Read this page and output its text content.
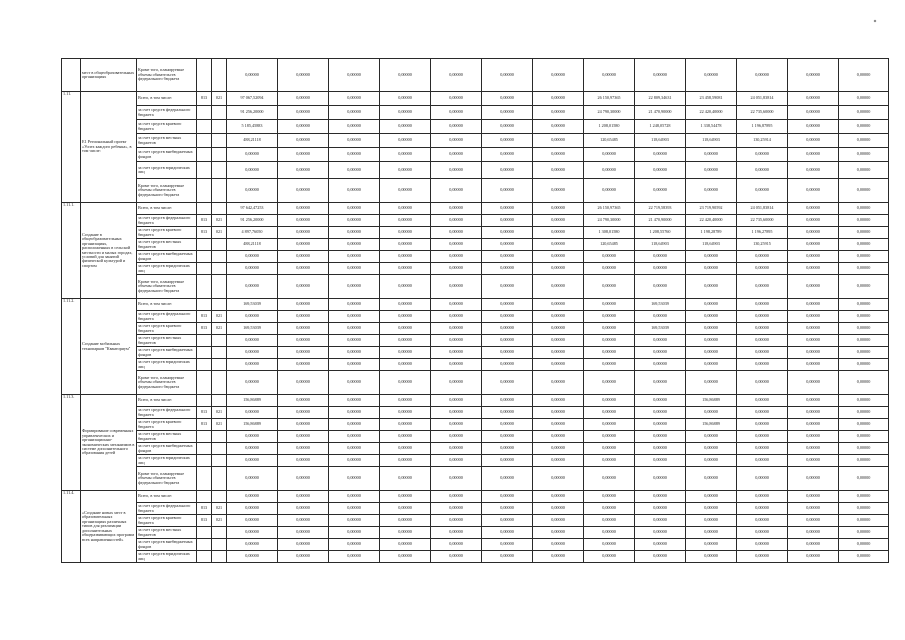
	мест в общеобразовательных организациях	Кроме того, планируемые объемы обязательств федерального бюджета			0,00000	0,00000	0,00000	0,00000	0,00000	0,00000	0,00000	0,00000	0,00000	0,00000	0,00000	0,00000	0,00000
1.11.	E1 Региональный проект «Успех каждого ребенка», в том числе:	Всего, в том числе:	813	021	97 067,52094	0,00000	0,00000	0,00000	0,00000	0,00000	0,00000	26 150,97365	22 809,34631	23 458,59081	24 051,83814	0,00000	0,00000
		за счет средств федерального бюджета			91 256,20000	0,00000	0,00000	0,00000	0,00000	0,00000	0,00000	24 790,30000	21 470,90000	22 420,40000	22 735,60000	0,00000	0,00000
		за счет средств краевого бюджета			5 185,45883	0,00000	0,00000	0,00000	0,00000	0,00000	0,00000	1 208,01580	1 248,05728	1 338,54478	1 196,87895	0,00000	0,00000
		за счет средств местных бюджетов			488,21118	0,00000	0,00000	0,00000	0,00000	0,00000	0,00000	120,65485	118,64903	118,64903	130,25914	0,00000	0,00000
		за счет средств внебюджетных фондов			0,00000	0,00000	0,00000	0,00000	0,00000	0,00000	0,00000	0,00000	0,00000	0,00000	0,00000	0,00000	0,00000
		за счет средств юридических лиц			0,00000	0,00000	0,00000	0,00000	0,00000	0,00000	0,00000	0,00000	0,00000	0,00000	0,00000	0,00000	0,00000
		Кроме того, планируемые объемы обязательств федерального бюджета			0,00000	0,00000	0,00000	0,00000	0,00000	0,00000	0,00000	0,00000	0,00000	0,00000	0,00000	0,00000	0,00000
1.11.1.	Создание в общеобразовательных организациях, расположенных в сельской местности и малых городах, условий для занятий физической культурой и спортом	Всего, в том числе:			97 642,47253	0,00000	0,00000	0,00000	0,00000	0,00000	0,00000	26 150,97365	22 719,58393	23 719,90592	24 051,83814	0,00000	0,00000
		за счет средств федерального бюджета	813	021	91 256,20000	0,00000	0,00000	0,00000	0,00000	0,00000	0,00000	24 790,30000	21 470,90000	22 420,40000	22 735,60000	0,00000	0,00000
		за счет средств краевого бюджета	813	021	4 897,76050	0,00000	0,00000	0,00000	0,00000	0,00000	0,00000	1 308,01580	1 208,55760	1 198,28789	1 196,27895	0,00000	0,00000
		за счет средств местных бюджетов			488,21118	0,00000	0,00000	0,00000	0,00000	0,00000	0,00000	120,65485	118,64903	118,64903	130,25915	0,00000	0,00000
		за счет средств внебюджетных фондов			0,00000	0,00000	0,00000	0,00000	0,00000	0,00000	0,00000	0,00000	0,00000	0,00000	0,00000	0,00000	0,00000
		за счет средств юридических лиц			0,00000	0,00000	0,00000	0,00000	0,00000	0,00000	0,00000	0,00000	0,00000	0,00000	0,00000	0,00000	0,00000
		Кроме того, планируемые объемы обязательств федерального бюджета			0,00000	0,00000	0,00000	0,00000	0,00000	0,00000	0,00000	0,00000	0,00000	0,00000	0,00000	0,00000	0,00000
1.11.2.	Создание мобильных технопарков "Кванториум"	Всего, в том числе:			169,53039	0,00000	0,00000	0,00000	0,00000	0,00000	0,00000	0,00000	169,53039	0,00000	0,00000	0,00000	0,00000
		за счет средств федерального бюджета	813	021	0,00000	0,00000	0,00000	0,00000	0,00000	0,00000	0,00000	0,00000	0,00000	0,00000	0,00000	0,00000	0,00000
		за счет средств краевого бюджета	813	021	169,53039	0,00000	0,00000	0,00000	0,00000	0,00000	0,00000	0,00000	169,53039	0,00000	0,00000	0,00000	0,00000
		за счет средств местных бюджетов			0,00000	0,00000	0,00000	0,00000	0,00000	0,00000	0,00000	0,00000	0,00000	0,00000	0,00000	0,00000	0,00000
		за счет средств внебюджетных фондов			0,00000	0,00000	0,00000	0,00000	0,00000	0,00000	0,00000	0,00000	0,00000	0,00000	0,00000	0,00000	0,00000
		за счет средств юридических лиц			0,00000	0,00000	0,00000	0,00000	0,00000	0,00000	0,00000	0,00000	0,00000	0,00000	0,00000	0,00000	0,00000
		Кроме того, планируемые объемы обязательств федерального бюджета			0,00000	0,00000	0,00000	0,00000	0,00000	0,00000	0,00000	0,00000	0,00000	0,00000	0,00000	0,00000	0,00000
1.11.3.	Формирование современных управленческих и организационно-экономических механизмов в системе дополнительного образования детей	Всего, в том числе:			156,86889	0,00000	0,00000	0,00000	0,00000	0,00000	0,00000	0,00000	0,00000	156,86889	0,00000	0,00000	0,00000
		за счет средств федерального бюджета	813	021	0,00000	0,00000	0,00000	0,00000	0,00000	0,00000	0,00000	0,00000	0,00000	0,00000	0,00000	0,00000	0,00000
		за счет средств краевого бюджета	813	021	156,86889	0,00000	0,00000	0,00000	0,00000	0,00000	0,00000	0,00000	0,00000	156,86889	0,00000	0,00000	0,00000
		за счет средств местных бюджетов			0,00000	0,00000	0,00000	0,00000	0,00000	0,00000	0,00000	0,00000	0,00000	0,00000	0,00000	0,00000	0,00000
		за счет средств внебюджетных фондов			0,00000	0,00000	0,00000	0,00000	0,00000	0,00000	0,00000	0,00000	0,00000	0,00000	0,00000	0,00000	0,00000
		за счет средств юридических лиц			0,00000	0,00000	0,00000	0,00000	0,00000	0,00000	0,00000	0,00000	0,00000	0,00000	0,00000	0,00000	0,00000
		Кроме того, планируемые объемы обязательств федерального бюджета			0,00000	0,00000	0,00000	0,00000	0,00000	0,00000	0,00000	0,00000	0,00000	0,00000	0,00000	0,00000	0,00000
1.11.4.	«Создание новых мест в образовательных организациях различных типов для реализации дополнительных общеразвивающих программ всех направленностей»	Всего, в том числе:			0,00000	0,00000	0,00000	0,00000	0,00000	0,00000	0,00000	0,00000	0,00000	0,00000	0,00000	0,00000	0,00000
		за счет средств федерального бюджета	813	021	0,00000	0,00000	0,00000	0,00000	0,00000	0,00000	0,00000	0,00000	0,00000	0,00000	0,00000	0,00000	0,00000
		за счет средств краевого бюджета	813	021	0,00000	0,00000	0,00000	0,00000	0,00000	0,00000	0,00000	0,00000	0,00000	0,00000	0,00000	0,00000	0,00000
		за счет средств местных бюджетов			0,00000	0,00000	0,00000	0,00000	0,00000	0,00000	0,00000	0,00000	0,00000	0,00000	0,00000	0,00000	0,00000
		за счет средств внебюджетных фондов			0,00000	0,00000	0,00000	0,00000	0,00000	0,00000	0,00000	0,00000	0,00000	0,00000	0,00000	0,00000	0,00000
		за счет средств юридических лиц			0,00000	0,00000	0,00000	0,00000	0,00000	0,00000	0,00000	0,00000	0,00000	0,00000	0,00000	0,00000	0,00000
